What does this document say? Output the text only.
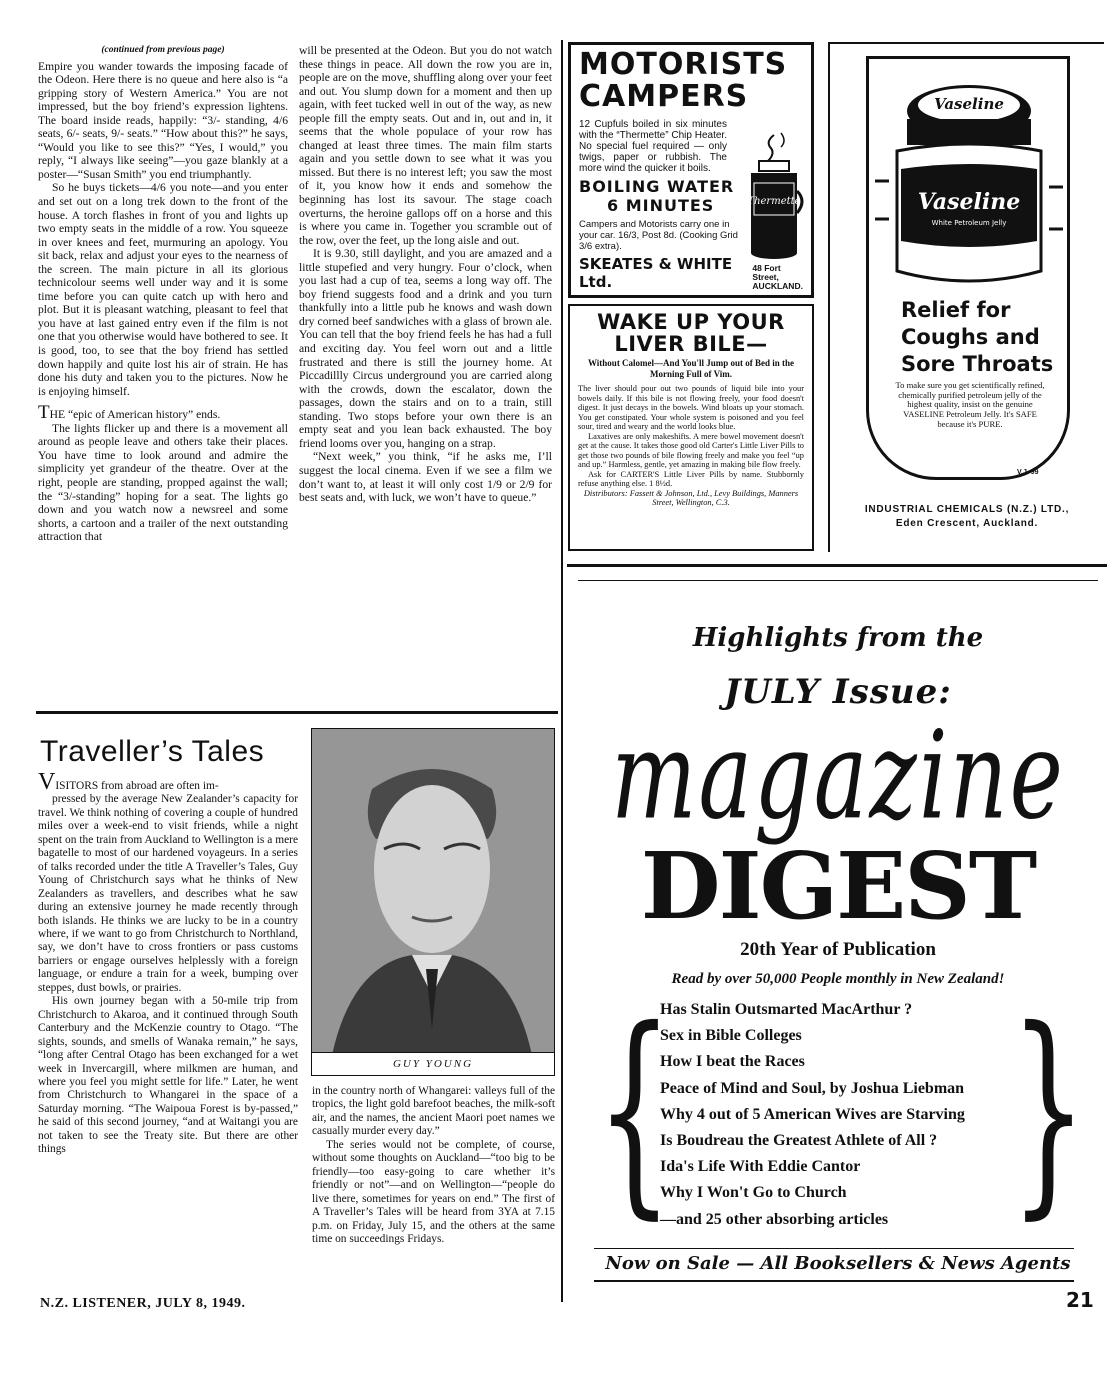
(continued from previous page)

Empire you wander towards the imposing facade of the Odeon. Here there is no queue and here also is “a gripping story of Western America.” You are not impressed, but the boy friend’s expression lightens. The board inside reads, happily: “3/- standing, 4/6 seats, 6/- seats, 9/- seats.” “How about this?” he says, “Would you like to see this?” “Yes, I would,” you reply, “I always like seeing”—you gaze blankly at a poster—“Susan Smith” you end triumphantly.

So he buys tickets—4/6 you note—and you enter and set out on a long trek down to the front of the house. A torch flashes in front of you and lights up two empty seats in the middle of a row. You squeeze in over knees and feet, murmuring an apology. You sit back, relax and adjust your eyes to the nearness of the screen. The main picture in all its glorious technicolour seems well under way and it is some time before you can quite catch up with hero and plot. But it is pleasant watching, pleasant to feel that you have at last gained entry even if the film is not one that you otherwise would have bothered to see. It is good, too, to see that the boy friend has settled down happily and quite lost his air of strain. He has done his duty and taken you to the pictures. Now he is enjoying himself.

THE “epic of American history” ends.

The lights flicker up and there is a movement all around as people leave and others take their places. You have time to look around and admire the simplicity yet grandeur of the theatre. Over at the right, people are standing, propped against the wall; the “3/-standing” hoping for a seat. The lights go down and you watch now a newsreel and some shorts, a cartoon and a trailer of the next outstanding attraction that

will be presented at the Odeon. But you do not watch these things in peace. All down the row you are in, people are on the move, shuffling along over your feet and out. You slump down for a moment and then up again, with feet tucked well in out of the way, as new people fill the empty seats. Out and in, out and in, it seems that the whole populace of your row has changed at least three times. The main film starts again and you settle down to see what it was you missed. But there is no interest left; you saw the most of it, you know how it ends and somehow the beginning has lost its savour. The stage coach overturns, the heroine gallops off on a horse and this is where you came in. Together you scramble out of the row, over the feet, up the long aisle and out.

It is 9.30, still daylight, and you are amazed and a little stupefied and very hungry. Four o’clock, when you last had a cup of tea, seems a long way off. The boy friend suggests food and a drink and you turn thankfully into a little pub he knows and wash down dry corned beef sandwiches with a glass of brown ale. You can tell that the boy friend feels he has had a full and exciting day. You feel worn out and a little frustrated and there is still the journey home. At Piccadillly Circus underground you are carried along with the crowds, down the escalator, down the passages, down the stairs and on to a train, still standing. Two stops before your own there is an empty seat and you lean back exhausted. The boy friend looms over you, hanging on a strap.

“Next week,” you think, “if he asks me, I’ll suggest the local cinema. Even if we see a film we don’t want to, at least it will only cost 1/9 or 2/9 for best seats and, with luck, we won’t have to queue.”

MOTORISTS
CAMPERS
12 Cupfuls boiled in six minutes with the “Thermette” Chip Heater. No special fuel required — only twigs, paper or rubbish. The more wind the quicker it boils.
BOILING WATER
6 MINUTES
Campers and Motorists carry one in your car. 16/3, Post 8d. (Cooking Grid 3/6 extra).
SKEATES & WHITE Ltd.
48 Fort Street,
AUCKLAND.
Thermette
WAKE UP YOUR
LIVER BILE—
Without Calomel—And You'll Jump out of Bed in the Morning Full of Vim.
The liver should pour out two pounds of liquid bile into your bowels daily. If this bile is not flowing freely, your food doesn't digest. It just decays in the bowels. Wind bloats up your stomach. You get constipated. Your whole system is poisoned and you feel sour, tired and weary and the world looks blue.
Laxatives are only makeshifts. A mere bowel movement doesn't get at the cause. It takes those good old Carter's Little Liver Pills to get those two pounds of bile flowing freely and make you feel “up and up.” Harmless, gentle, yet amazing in making bile flow freely.
Ask for CARTER'S Little Liver Pills by name. Stubbornly refuse anything else. 1 8½d.
Distributors: Fassett & Johnson, Ltd., Levy Buildings, Manners Street, Wellington, C.3.
Vaseline
Vaseline
White Petroleum Jelly
Relief for
Coughs and
Sore Throats
To make sure you get scientifically refined, chemically purified petroleum jelly of the highest quality, insist on the genuine VASELINE Petroleum Jelly. It's SAFE because it's PURE.
V.J. 99
INDUSTRIAL CHEMICALS (N.Z.) LTD.,
Eden Crescent, Auckland.
Traveller’s Tales

VISITORS from abroad are often im-

pressed by the average New Zealander’s capacity for travel. We think nothing of covering a couple of hundred miles over a week-end to visit friends, while a night spent on the train from Auckland to Wellington is a mere bagatelle to most of our hardened voyageurs. In a series of talks recorded under the title A Traveller’s Tales, Guy Young of Christchurch says what he thinks of New Zealanders as travellers, and describes what he saw during an extensive journey he made recently through both islands. He thinks we are lucky to be in a country where, if we want to go from Christchurch to Northland, say, we don’t have to cross frontiers or pass customs barriers or engage ourselves helplessly with a foreign language, or endure a train for a week, bumping over steppes, dust bowls, or prairies.

His own journey began with a 50-mile trip from Christchurch to Akaroa, and it continued through South Canterbury and the McKenzie country to Otago. “The sights, sounds, and smells of Wanaka remain,” he says, “long after Central Otago has been exchanged for a wet week in Invercargill, where milkmen are human, and where you feel you might settle for life.” Later, he went from Christchurch to Whangarei in the space of a Saturday morning. “The Waipoua Forest is by-passed,” he said of this second journey, “and at Waitangi you are not taken to see the Treaty site. But there are other things

GUY YOUNG

in the country north of Whangarei: valleys full of the tropics, the light gold barefoot beaches, the milk-soft air, and the names, the ancient Maori poet names we casually murder every day.”

The series would not be complete, of course, without some thoughts on Auckland—“too big to be friendly—too easy-going to care whether it’s friendly or not”—and on Wellington—“people do live there, sometimes for years on end.” The first of A Traveller’s Tales will be heard from 3YA at 7.15 p.m. on Friday, July 15, and the others at the same time on succeedings Fridays.

Highlights from the
JULY Issue:
magazine
DIGEST
20th Year of Publication
Read by over 50,000 People monthly in New Zealand!
{ }
Has Stalin Outsmarted MacArthur ?
Sex in Bible Colleges
How I beat the Races
Peace of Mind and Soul, by Joshua Liebman
Why 4 out of 5 American Wives are Starving
Is Boudreau the Greatest Athlete of All ?
Ida's Life With Eddie Cantor
Why I Won't Go to Church
—and 25 other absorbing articles
Now on Sale — All Booksellers & News Agents
N.Z. LISTENER, JULY 8, 1949.	21
